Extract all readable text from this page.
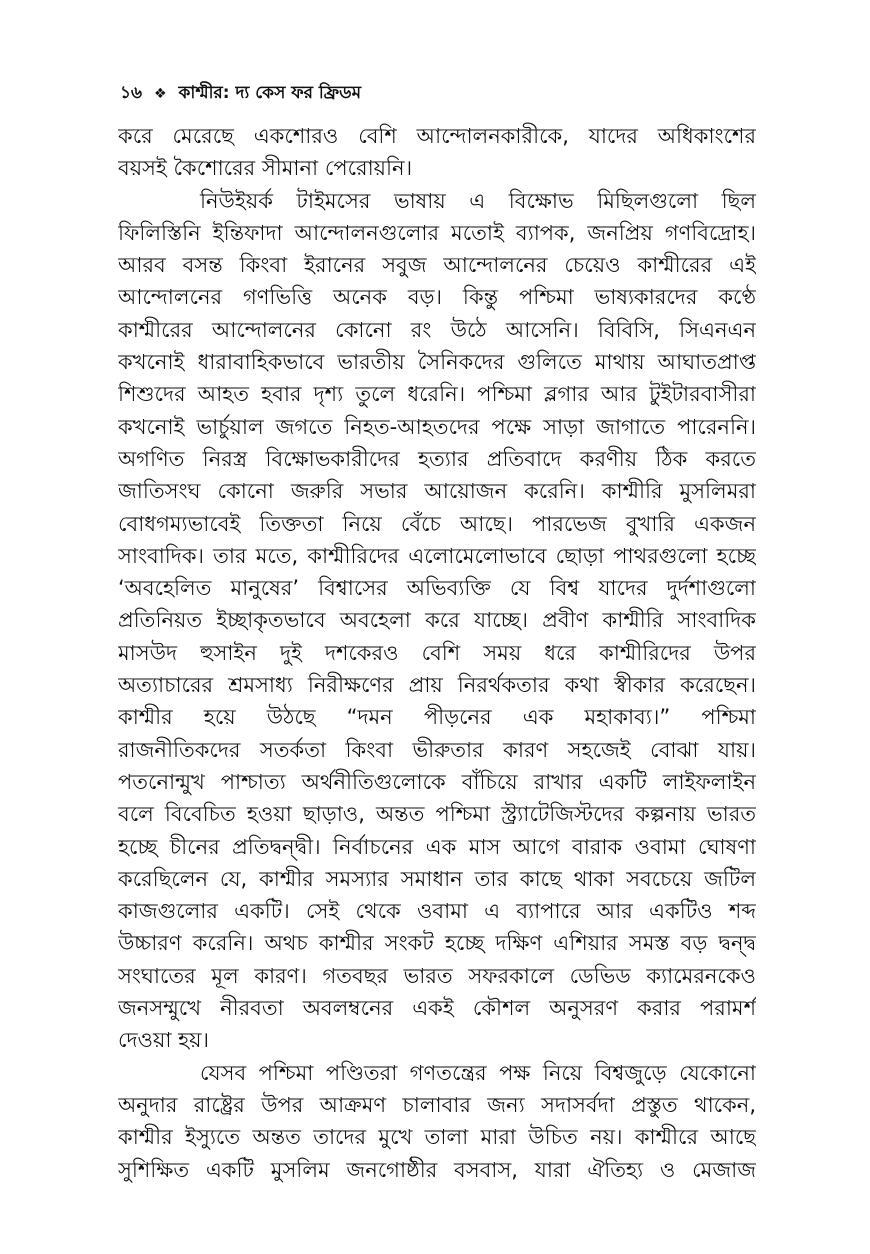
১৬ ❖ কাশ্মীর: দ্য কেস ফর ফ্রিডম
করে মেরেছে একশোরও বেশি আন্দোলনকারীকে, যাদের অধিকাংশের
বয়সই কৈশোরের সীমানা পেরোয়নি।
নিউইয়র্ক টাইমসের ভাষায় এ বিক্ষোভ মিছিলগুলো ছিল
ফিলিস্তিনি ইন্তিফাদা আন্দোলনগুলোর মতোই ব্যাপক, জনপ্রিয় গণবিদ্রোহ।
আরব বসন্ত কিংবা ইরানের সবুজ আন্দোলনের চেয়েও কাশ্মীরের এই
আন্দোলনের গণভিত্তি অনেক বড়। কিন্তু পশ্চিমা ভাষ্যকারদের কণ্ঠে
কাশ্মীরের আন্দোলনের কোনো রং উঠে আসেনি। বিবিসি, সিএনএন
কখনোই ধারাবাহিকভাবে ভারতীয় সৈনিকদের গুলিতে মাথায় আঘাতপ্রাপ্ত
শিশুদের আহত হবার দৃশ্য তুলে ধরেনি। পশ্চিমা ব্লগার আর টুইটারবাসীরা
কখনোই ভার্চুয়াল জগতে নিহত-আহতদের পক্ষে সাড়া জাগাতে পারেননি।
অগণিত নিরস্ত্র বিক্ষোভকারীদের হত্যার প্রতিবাদে করণীয় ঠিক করতে
জাতিসংঘ কোনো জরুরি সভার আয়োজন করেনি। কাশ্মীরি মুসলিমরা
বোধগম্যভাবেই তিক্ততা নিয়ে বেঁচে আছে। পারভেজ বুখারি একজন
সাংবাদিক। তার মতে, কাশ্মীরিদের এলোমেলোভাবে ছোড়া পাথরগুলো হচ্ছে
‘অবহেলিত মানুষের’ বিশ্বাসের অভিব্যক্তি যে বিশ্ব যাদের দুর্দশাগুলো
প্রতিনিয়ত ইচ্ছাকৃতভাবে অবহেলা করে যাচ্ছে। প্রবীণ কাশ্মীরি সাংবাদিক
মাসউদ হুসাইন দুই দশকেরও বেশি সময় ধরে কাশ্মীরিদের উপর
অত্যাচারের শ্রমসাধ্য নিরীক্ষণের প্রায় নিরর্থকতার কথা স্বীকার করেছেন।
কাশ্মীর হয়ে উঠছে “দমন পীড়নের এক মহাকাব্য।” পশ্চিমা
রাজনীতিকদের সতর্কতা কিংবা ভীরুতার কারণ সহজেই বোঝা যায়।
পতনোন্মুখ পাশ্চাত্য অর্থনীতিগুলোকে বাঁচিয়ে রাখার একটি লাইফলাইন
বলে বিবেচিত হওয়া ছাড়াও, অন্তত পশ্চিমা স্ট্র্যাটেজিস্টদের কল্পনায় ভারত
হচ্ছে চীনের প্রতিদ্বন্দ্বী। নির্বাচনের এক মাস আগে বারাক ওবামা ঘোষণা
করেছিলেন যে, কাশ্মীর সমস্যার সমাধান তার কাছে থাকা সবচেয়ে জটিল
কাজগুলোর একটি। সেই থেকে ওবামা এ ব্যাপারে আর একটিও শব্দ
উচ্চারণ করেনি। অথচ কাশ্মীর সংকট হচ্ছে দক্ষিণ এশিয়ার সমস্ত বড় দ্বন্দ্ব
সংঘাতের মূল কারণ। গতবছর ভারত সফরকালে ডেভিড ক্যামেরনকেও
জনসম্মুখে নীরবতা অবলম্বনের একই কৌশল অনুসরণ করার পরামর্শ
দেওয়া হয়।
যেসব পশ্চিমা পণ্ডিতরা গণতন্ত্রের পক্ষ নিয়ে বিশ্বজুড়ে যেকোনো
অনুদার রাষ্ট্রের উপর আক্রমণ চালাবার জন্য সদাসর্বদা প্রস্তুত থাকেন,
কাশ্মীর ইস্যুতে অন্তত তাদের মুখে তালা মারা উচিত নয়। কাশ্মীরে আছে
সুশিক্ষিত একটি মুসলিম জনগোষ্ঠীর বসবাস, যারা ঐতিহ্য ও মেজাজ
